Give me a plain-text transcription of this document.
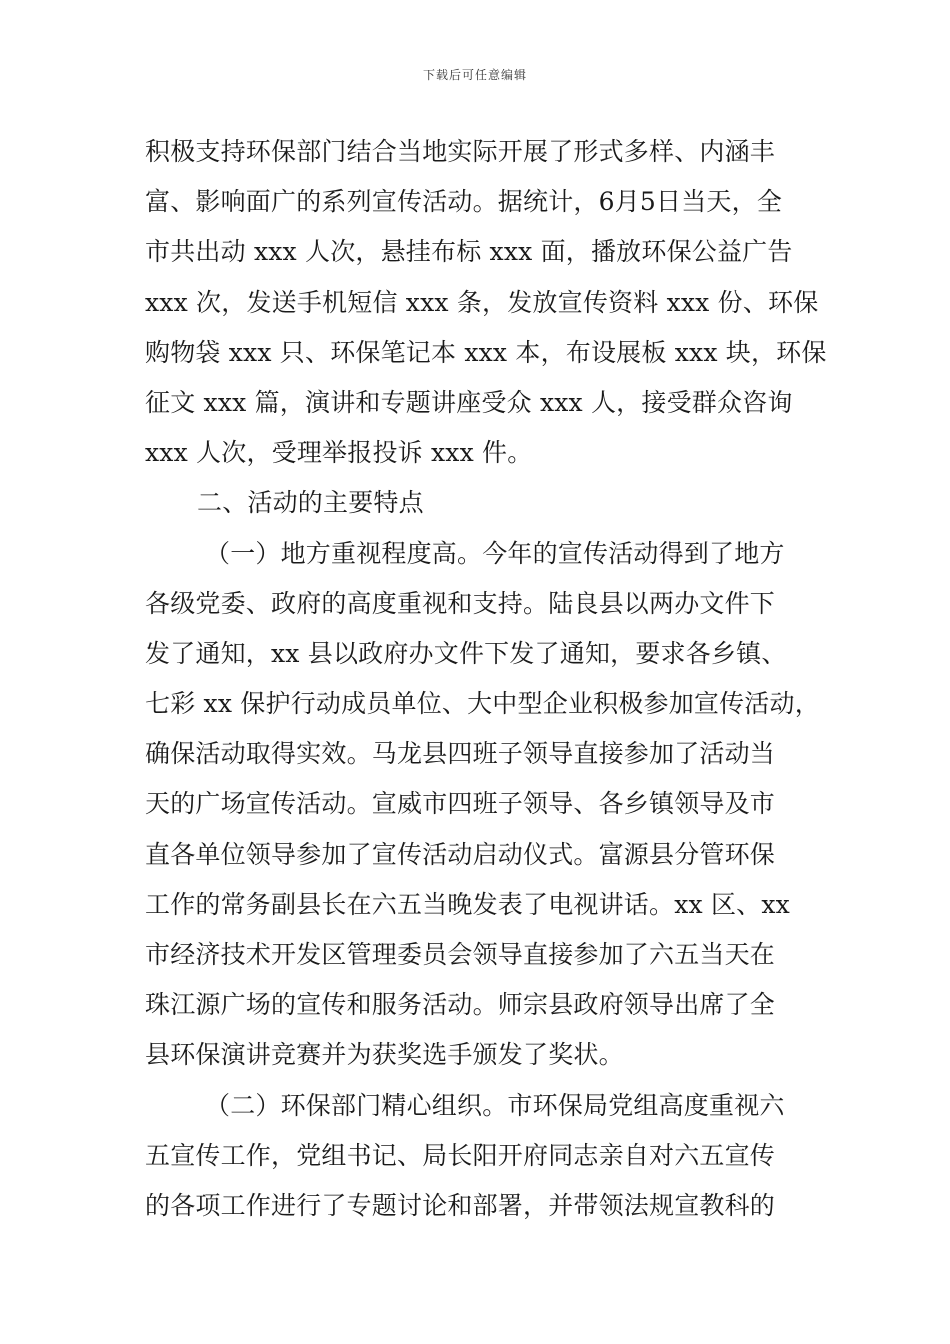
下载后可任意编辑
积极支持环保部门结合当地实际开展了形式多样、内涵丰
富、影响面广的系列宣传活动。据统计，6月5日当天，全
市共出动 xxx 人次，悬挂布标 xxx 面，播放环保公益广告
xxx 次，发送手机短信 xxx 条，发放宣传资料 xxx 份、环保
购物袋 xxx 只、环保笔记本 xxx 本，布设展板 xxx 块，环保
征文 xxx 篇，演讲和专题讲座受众 xxx 人，接受群众咨询
xxx 人次，受理举报投诉 xxx 件。
二、活动的主要特点
（一）地方重视程度高。今年的宣传活动得到了地方
各级党委、政府的高度重视和支持。陆良县以两办文件下
发了通知，xx 县以政府办文件下发了通知，要求各乡镇、
七彩 xx 保护行动成员单位、大中型企业积极参加宣传活动，
确保活动取得实效。马龙县四班子领导直接参加了活动当
天的广场宣传活动。宣威市四班子领导、各乡镇领导及市
直各单位领导参加了宣传活动启动仪式。富源县分管环保
工作的常务副县长在六五当晚发表了电视讲话。xx 区、xx
市经济技术开发区管理委员会领导直接参加了六五当天在
珠江源广场的宣传和服务活动。师宗县政府领导出席了全
县环保演讲竞赛并为获奖选手颁发了奖状。
（二）环保部门精心组织。市环保局党组高度重视六
五宣传工作，党组书记、局长阳开府同志亲自对六五宣传
的各项工作进行了专题讨论和部署，并带领法规宣教科的
